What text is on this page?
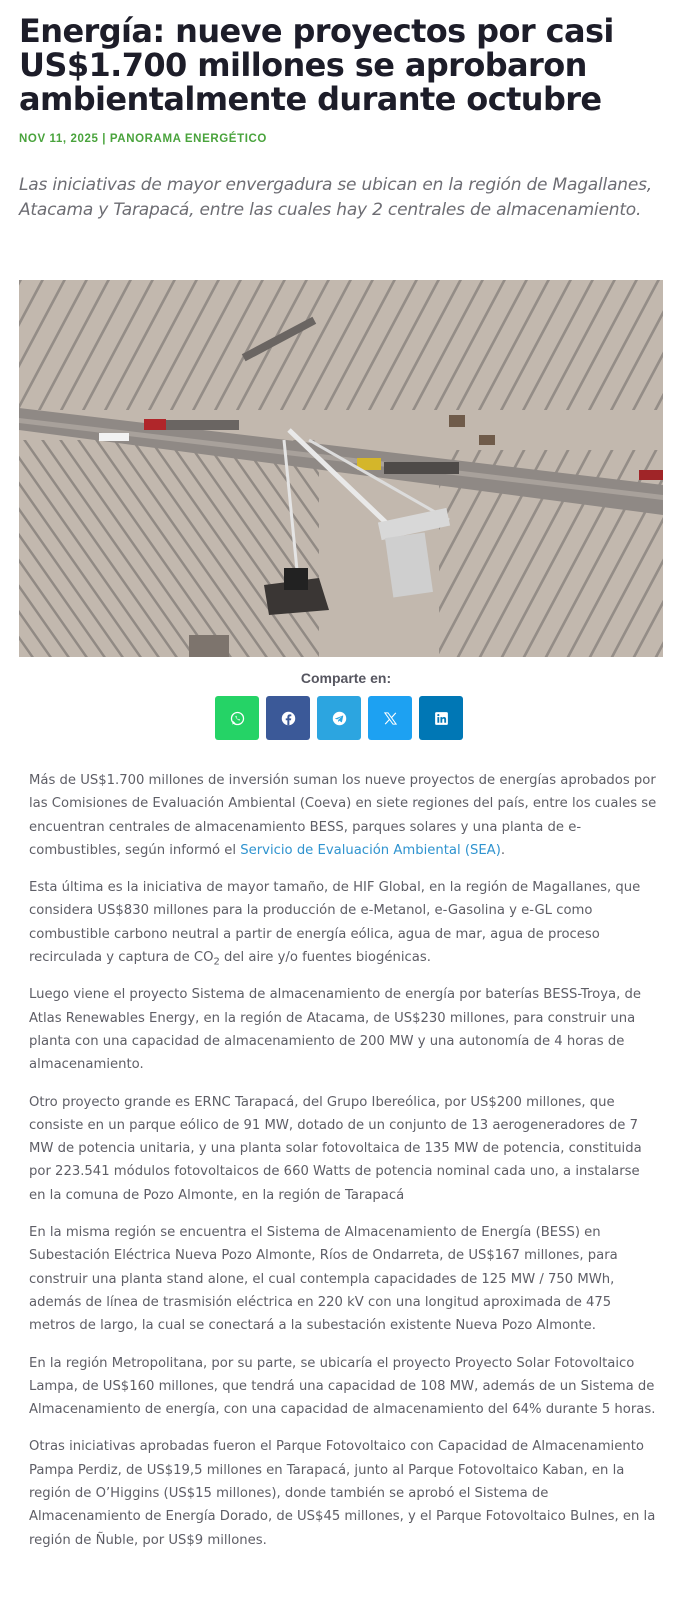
Energía: nueve proyectos por casi US$1.700 millones se aprobaron ambientalmente durante octubre
NOV 11, 2025 | PANORAMA ENERGÉTICO

Las iniciativas de mayor envergadura se ubican en la región de Magallanes, Atacama y Tarapacá, entre las cuales hay 2 centrales de almacenamiento.

Comparte en:

Más de US$1.700 millones de inversión suman los nueve proyectos de energías aprobados por las Comisiones de Evaluación Ambiental (Coeva) en siete regiones del país, entre los cuales se encuentran centrales de almacenamiento BESS, parques solares y una planta de e-combustibles, según informó el Servicio de Evaluación Ambiental (SEA).

Esta última es la iniciativa de mayor tamaño, de HIF Global, en la región de Magallanes, que considera US$830 millones para la producción de e-Metanol, e-Gasolina y e-GL como combustible carbono neutral a partir de energía eólica, agua de mar, agua de proceso recirculada y captura de $CO_2$ del aire y/o fuentes biogénicas.

Luego viene el proyecto Sistema de almacenamiento de energía por baterías BESS-Troya, de Atlas Renewables Energy, en la región de Atacama, de US$230 millones, para construir una planta con una capacidad de almacenamiento de 200 MW y una autonomía de 4 horas de almacenamiento.

Otro proyecto grande es ERNC Tarapacá, del Grupo Ibereólica, por US$200 millones, que consiste en un parque eólico de 91 MW, dotado de un conjunto de 13 aerogeneradores de 7 MW de potencia unitaria, y una planta solar fotovoltaica de 135 MW de potencia, constituida por 223.541 módulos fotovoltaicos de 660 Watts de potencia nominal cada uno, a instalarse en la comuna de Pozo Almonte, en la región de Tarapacá

En la misma región se encuentra el Sistema de Almacenamiento de Energía (BESS) en Subestación Eléctrica Nueva Pozo Almonte, Ríos de Ondarreta, de US$167 millones, para construir una planta stand alone, el cual contempla capacidades de 125 MW / 750 MWh, además de línea de trasmisión eléctrica en 220 kV con una longitud aproximada de 475 metros de largo, la cual se conectará a la subestación existente Nueva Pozo Almonte.

En la región Metropolitana, por su parte, se ubicaría el proyecto Proyecto Solar Fotovoltaico Lampa, de US$160 millones, que tendrá una capacidad de 108 MW, además de un Sistema de Almacenamiento de energía, con una capacidad de almacenamiento del 64% durante 5 horas.

Otras iniciativas aprobadas fueron el Parque Fotovoltaico con Capacidad de Almacenamiento Pampa Perdiz, de US$19,5 millones en Tarapacá, junto al Parque Fotovoltaico Kaban, en la región de O’Higgins (US$15 millones), donde también se aprobó el Sistema de Almacenamiento de Energía Dorado, de US$45 millones, y el Parque Fotovoltaico Bulnes, en la región de Ñuble, por US$9 millones.
